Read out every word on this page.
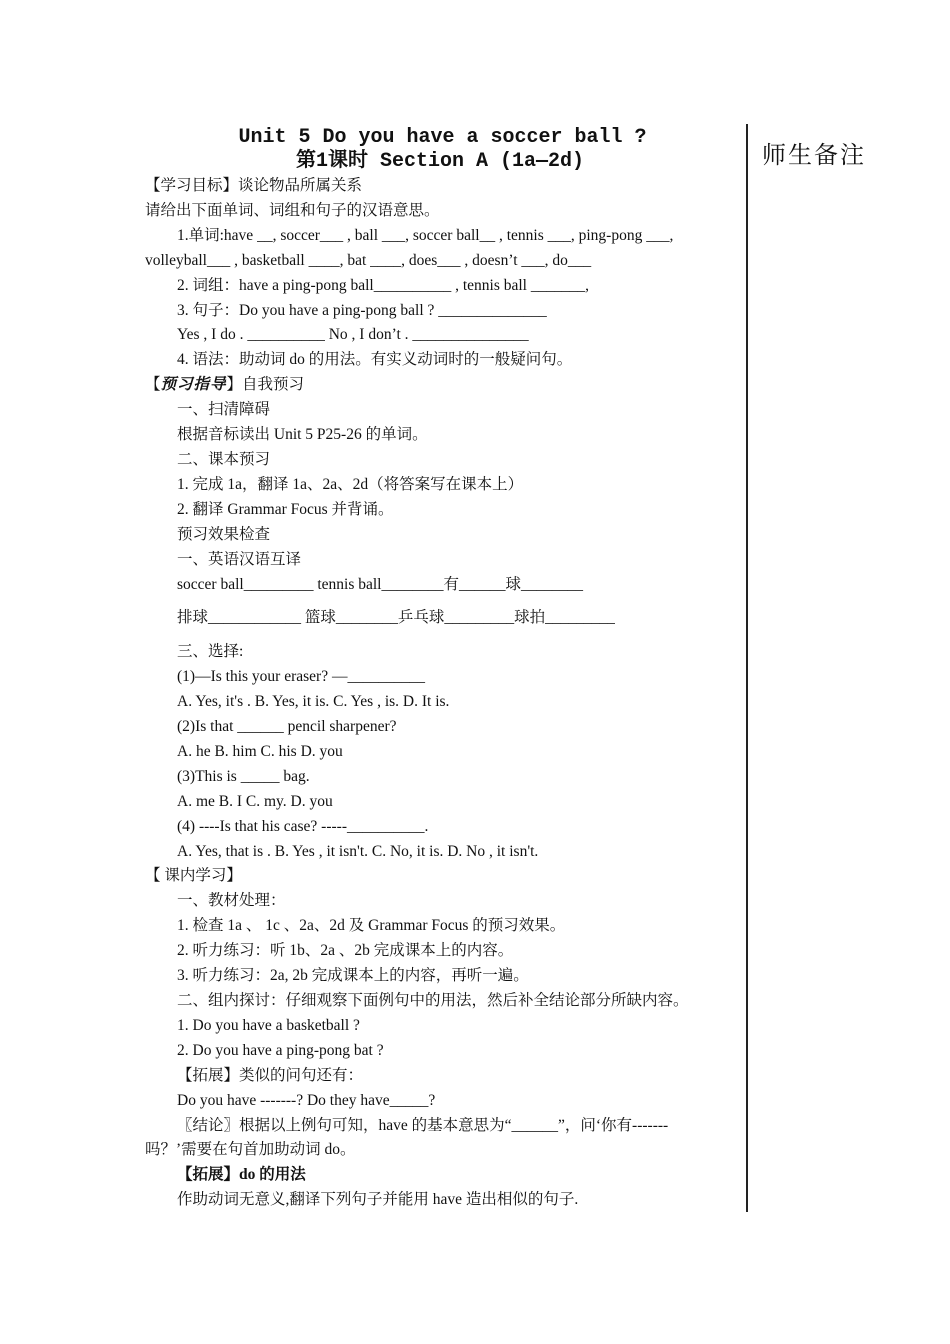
师生备注
Unit 5 Do you have a soccer ball ?
第1课时 Section A (1a—2d)
【学习目标】谈论物品所属关系
请给出下面单词、词组和句子的汉语意思。
1.单词:have __, soccer___ , ball ___, soccer ball__ , tennis ___, ping-pong ___,
volleyball___ , basketball ____, bat ____, does___ , doesn’t ___, do___
2. 词组：have a ping-pong ball__________ , tennis ball _______,
3. 句子：Do you have a ping-pong ball ? ______________
Yes , I do . __________ No , I don’t . _______________
4. 语法：助动词 do 的用法。有实义动词时的一般疑问句。
【预习指导】自我预习
一、扫清障碍
根据音标读出 Unit 5 P25-26 的单词。
二、课本预习
1. 完成 1a，翻译 1a、2a、2d（将答案写在课本上）
2. 翻译 Grammar Focus 并背诵。
预习效果检查
一、英语汉语互译
soccer ball_________ tennis ball________有______球________
排球____________ 篮球________乒乓球_________球拍_________
三、选择:
(1)—Is this your eraser? —__________
A. Yes, it's . B. Yes, it is. C. Yes , is. D. It is.
(2)Is that ______ pencil sharpener?
A. he B. him C. his D. you
(3)This is _____ bag.
A. me B. I C. my. D. you
(4) ----Is that his case? -----__________.
A. Yes, that is . B. Yes , it isn't. C. No, it is. D. No , it isn't.
【 课内学习】
一、教材处理：
1. 检查 1a 、 1c 、2a、2d 及 Grammar Focus 的预习效果。
2. 听力练习：听 1b、2a 、2b 完成课本上的内容。
3. 听力练习：2a, 2b 完成课本上的内容，再听一遍。
二、组内探讨：仔细观察下面例句中的用法，然后补全结论部分所缺内容。
1. Do you have a basketball ?
2. Do you have a ping-pong bat ?
【拓展】类似的问句还有：
Do you have -------? Do they have_____?
〖结论〗根据以上例句可知，have 的基本意思为“______”，问‘你有-------
吗？’需要在句首加助动词 do。
【拓展】do 的用法
作助动词无意义,翻译下列句子并能用 have 造出相似的句子.
